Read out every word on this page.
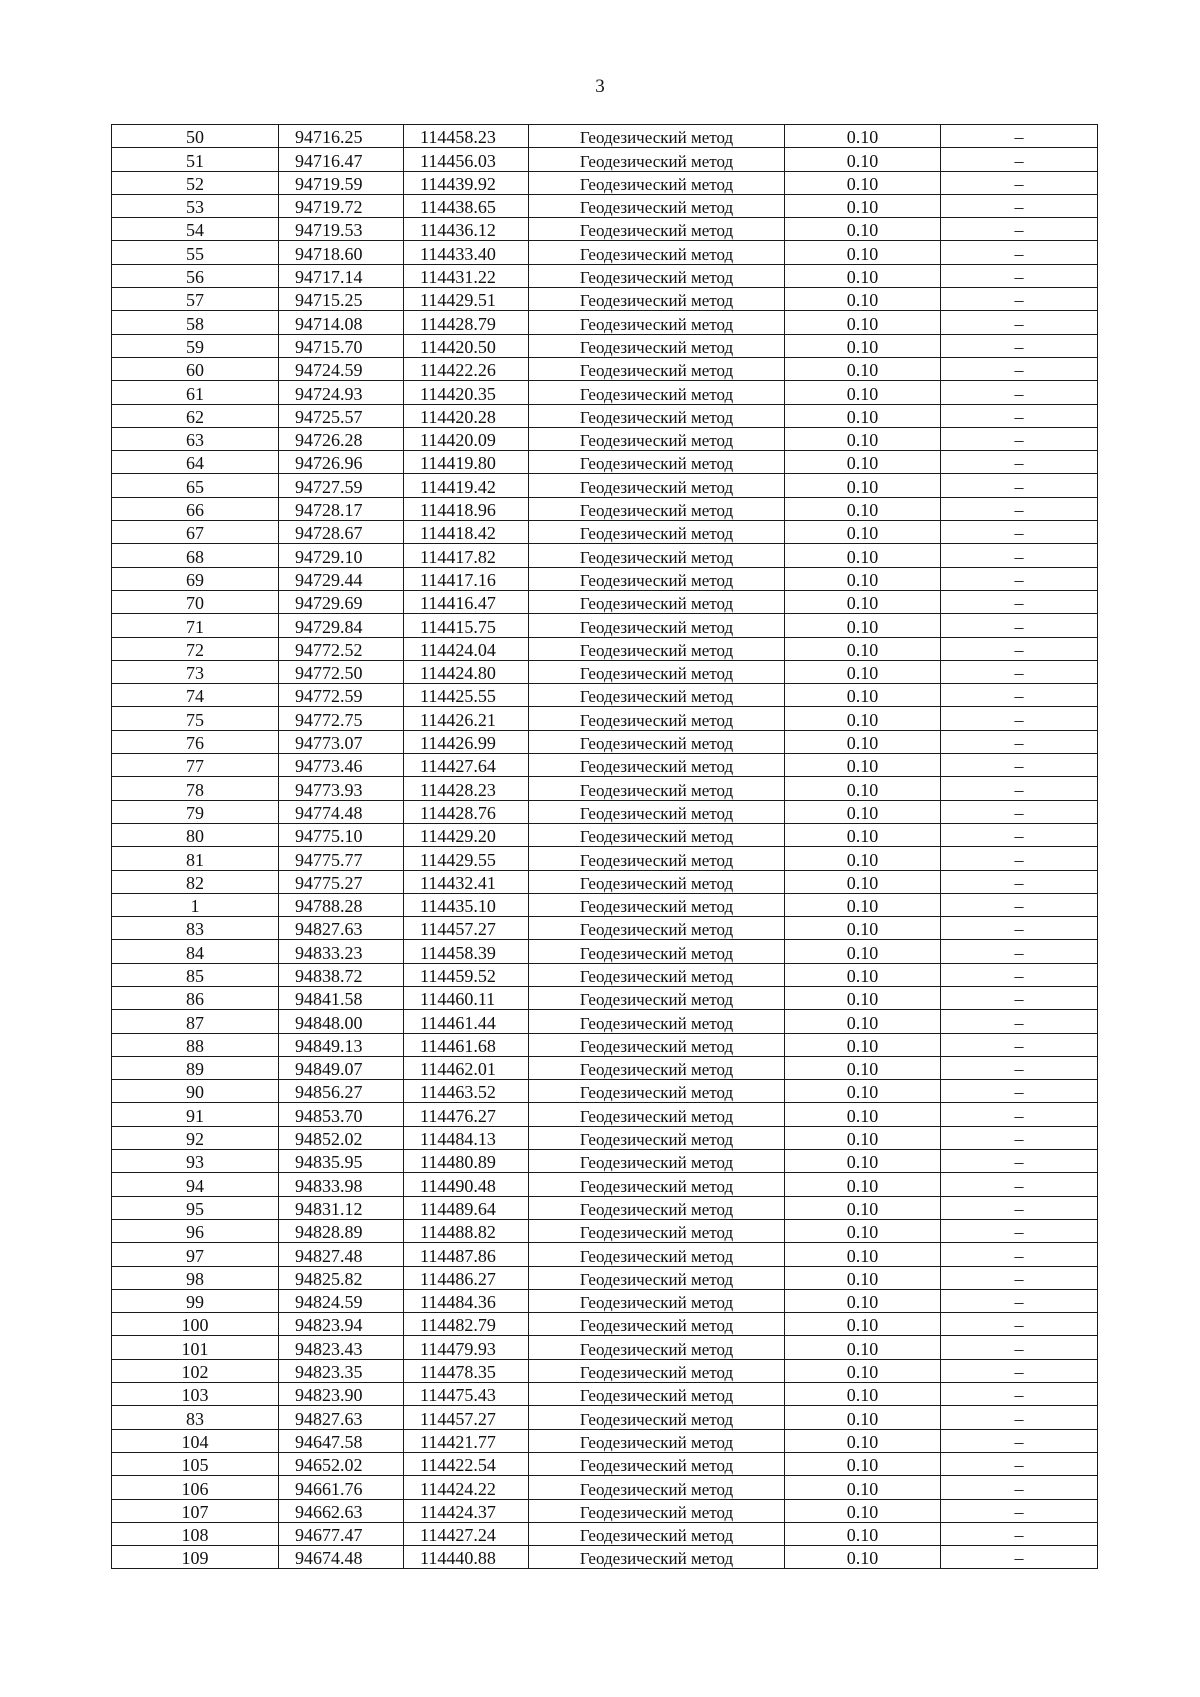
3
50	94716.25	114458.23	Геодезический метод	0.10	–
51	94716.47	114456.03	Геодезический метод	0.10	–
52	94719.59	114439.92	Геодезический метод	0.10	–
53	94719.72	114438.65	Геодезический метод	0.10	–
54	94719.53	114436.12	Геодезический метод	0.10	–
55	94718.60	114433.40	Геодезический метод	0.10	–
56	94717.14	114431.22	Геодезический метод	0.10	–
57	94715.25	114429.51	Геодезический метод	0.10	–
58	94714.08	114428.79	Геодезический метод	0.10	–
59	94715.70	114420.50	Геодезический метод	0.10	–
60	94724.59	114422.26	Геодезический метод	0.10	–
61	94724.93	114420.35	Геодезический метод	0.10	–
62	94725.57	114420.28	Геодезический метод	0.10	–
63	94726.28	114420.09	Геодезический метод	0.10	–
64	94726.96	114419.80	Геодезический метод	0.10	–
65	94727.59	114419.42	Геодезический метод	0.10	–
66	94728.17	114418.96	Геодезический метод	0.10	–
67	94728.67	114418.42	Геодезический метод	0.10	–
68	94729.10	114417.82	Геодезический метод	0.10	–
69	94729.44	114417.16	Геодезический метод	0.10	–
70	94729.69	114416.47	Геодезический метод	0.10	–
71	94729.84	114415.75	Геодезический метод	0.10	–
72	94772.52	114424.04	Геодезический метод	0.10	–
73	94772.50	114424.80	Геодезический метод	0.10	–
74	94772.59	114425.55	Геодезический метод	0.10	–
75	94772.75	114426.21	Геодезический метод	0.10	–
76	94773.07	114426.99	Геодезический метод	0.10	–
77	94773.46	114427.64	Геодезический метод	0.10	–
78	94773.93	114428.23	Геодезический метод	0.10	–
79	94774.48	114428.76	Геодезический метод	0.10	–
80	94775.10	114429.20	Геодезический метод	0.10	–
81	94775.77	114429.55	Геодезический метод	0.10	–
82	94775.27	114432.41	Геодезический метод	0.10	–
1	94788.28	114435.10	Геодезический метод	0.10	–
83	94827.63	114457.27	Геодезический метод	0.10	–
84	94833.23	114458.39	Геодезический метод	0.10	–
85	94838.72	114459.52	Геодезический метод	0.10	–
86	94841.58	114460.11	Геодезический метод	0.10	–
87	94848.00	114461.44	Геодезический метод	0.10	–
88	94849.13	114461.68	Геодезический метод	0.10	–
89	94849.07	114462.01	Геодезический метод	0.10	–
90	94856.27	114463.52	Геодезический метод	0.10	–
91	94853.70	114476.27	Геодезический метод	0.10	–
92	94852.02	114484.13	Геодезический метод	0.10	–
93	94835.95	114480.89	Геодезический метод	0.10	–
94	94833.98	114490.48	Геодезический метод	0.10	–
95	94831.12	114489.64	Геодезический метод	0.10	–
96	94828.89	114488.82	Геодезический метод	0.10	–
97	94827.48	114487.86	Геодезический метод	0.10	–
98	94825.82	114486.27	Геодезический метод	0.10	–
99	94824.59	114484.36	Геодезический метод	0.10	–
100	94823.94	114482.79	Геодезический метод	0.10	–
101	94823.43	114479.93	Геодезический метод	0.10	–
102	94823.35	114478.35	Геодезический метод	0.10	–
103	94823.90	114475.43	Геодезический метод	0.10	–
83	94827.63	114457.27	Геодезический метод	0.10	–
104	94647.58	114421.77	Геодезический метод	0.10	–
105	94652.02	114422.54	Геодезический метод	0.10	–
106	94661.76	114424.22	Геодезический метод	0.10	–
107	94662.63	114424.37	Геодезический метод	0.10	–
108	94677.47	114427.24	Геодезический метод	0.10	–
109	94674.48	114440.88	Геодезический метод	0.10	–
